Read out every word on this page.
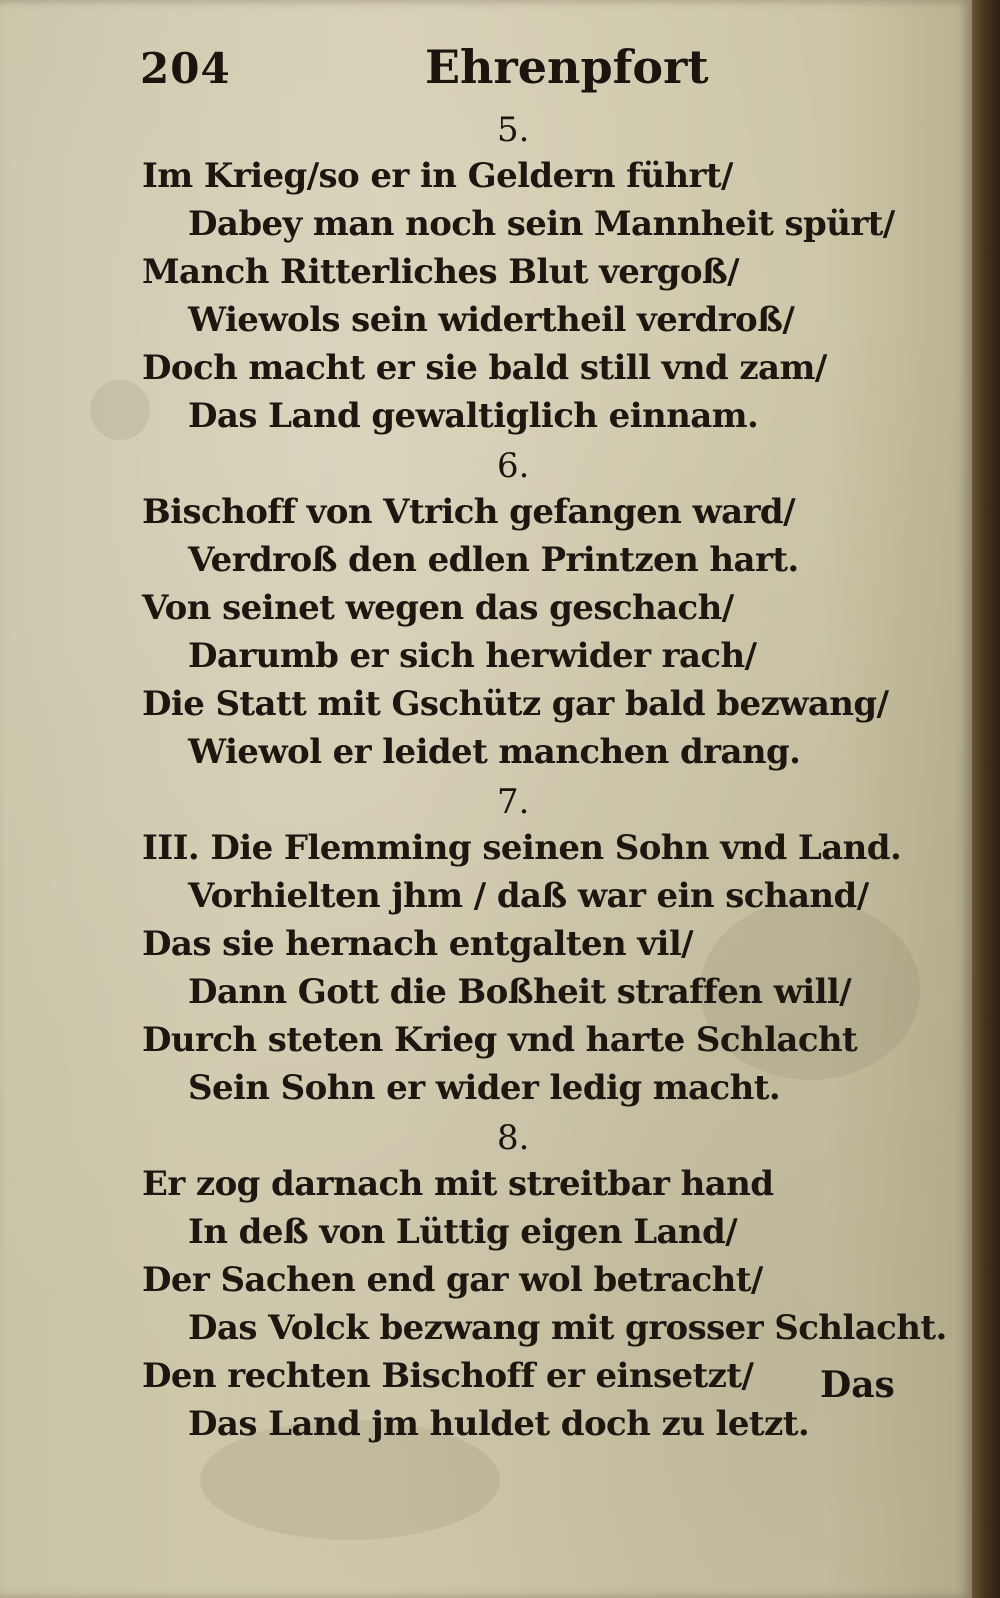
204	Ehrenpfort
5.
Im Krieg/so er in Geldern führt/
Dabey man noch sein Mannheit spürt/
Manch Ritterliches Blut vergoß/
Wiewols sein widertheil verdroß/
Doch macht er sie bald still vnd zam/
Das Land gewaltiglich einnam.
6.
Bischoff von Vtrich gefangen ward/
Verdroß den edlen Printzen hart.
Von seinet wegen das geschach/
Darumb er sich herwider rach/
Die Statt mit Gschütz gar bald bezwang/
Wiewol er leidet manchen drang.
7.
III. Die Flemming seinen Sohn vnd Land.
Vorhielten jhm / daß war ein schand/
Das sie hernach entgalten vil/
Dann Gott die Boßheit straffen will/
Durch steten Krieg vnd harte Schlacht
Sein Sohn er wider ledig macht.
8.
Er zog darnach mit streitbar hand
In deß von Lüttig eigen Land/
Der Sachen end gar wol betracht/
Das Volck bezwang mit grosser Schlacht.
Den rechten Bischoff er einsetzt/
Das Land jm huldet doch zu letzt.
Das
